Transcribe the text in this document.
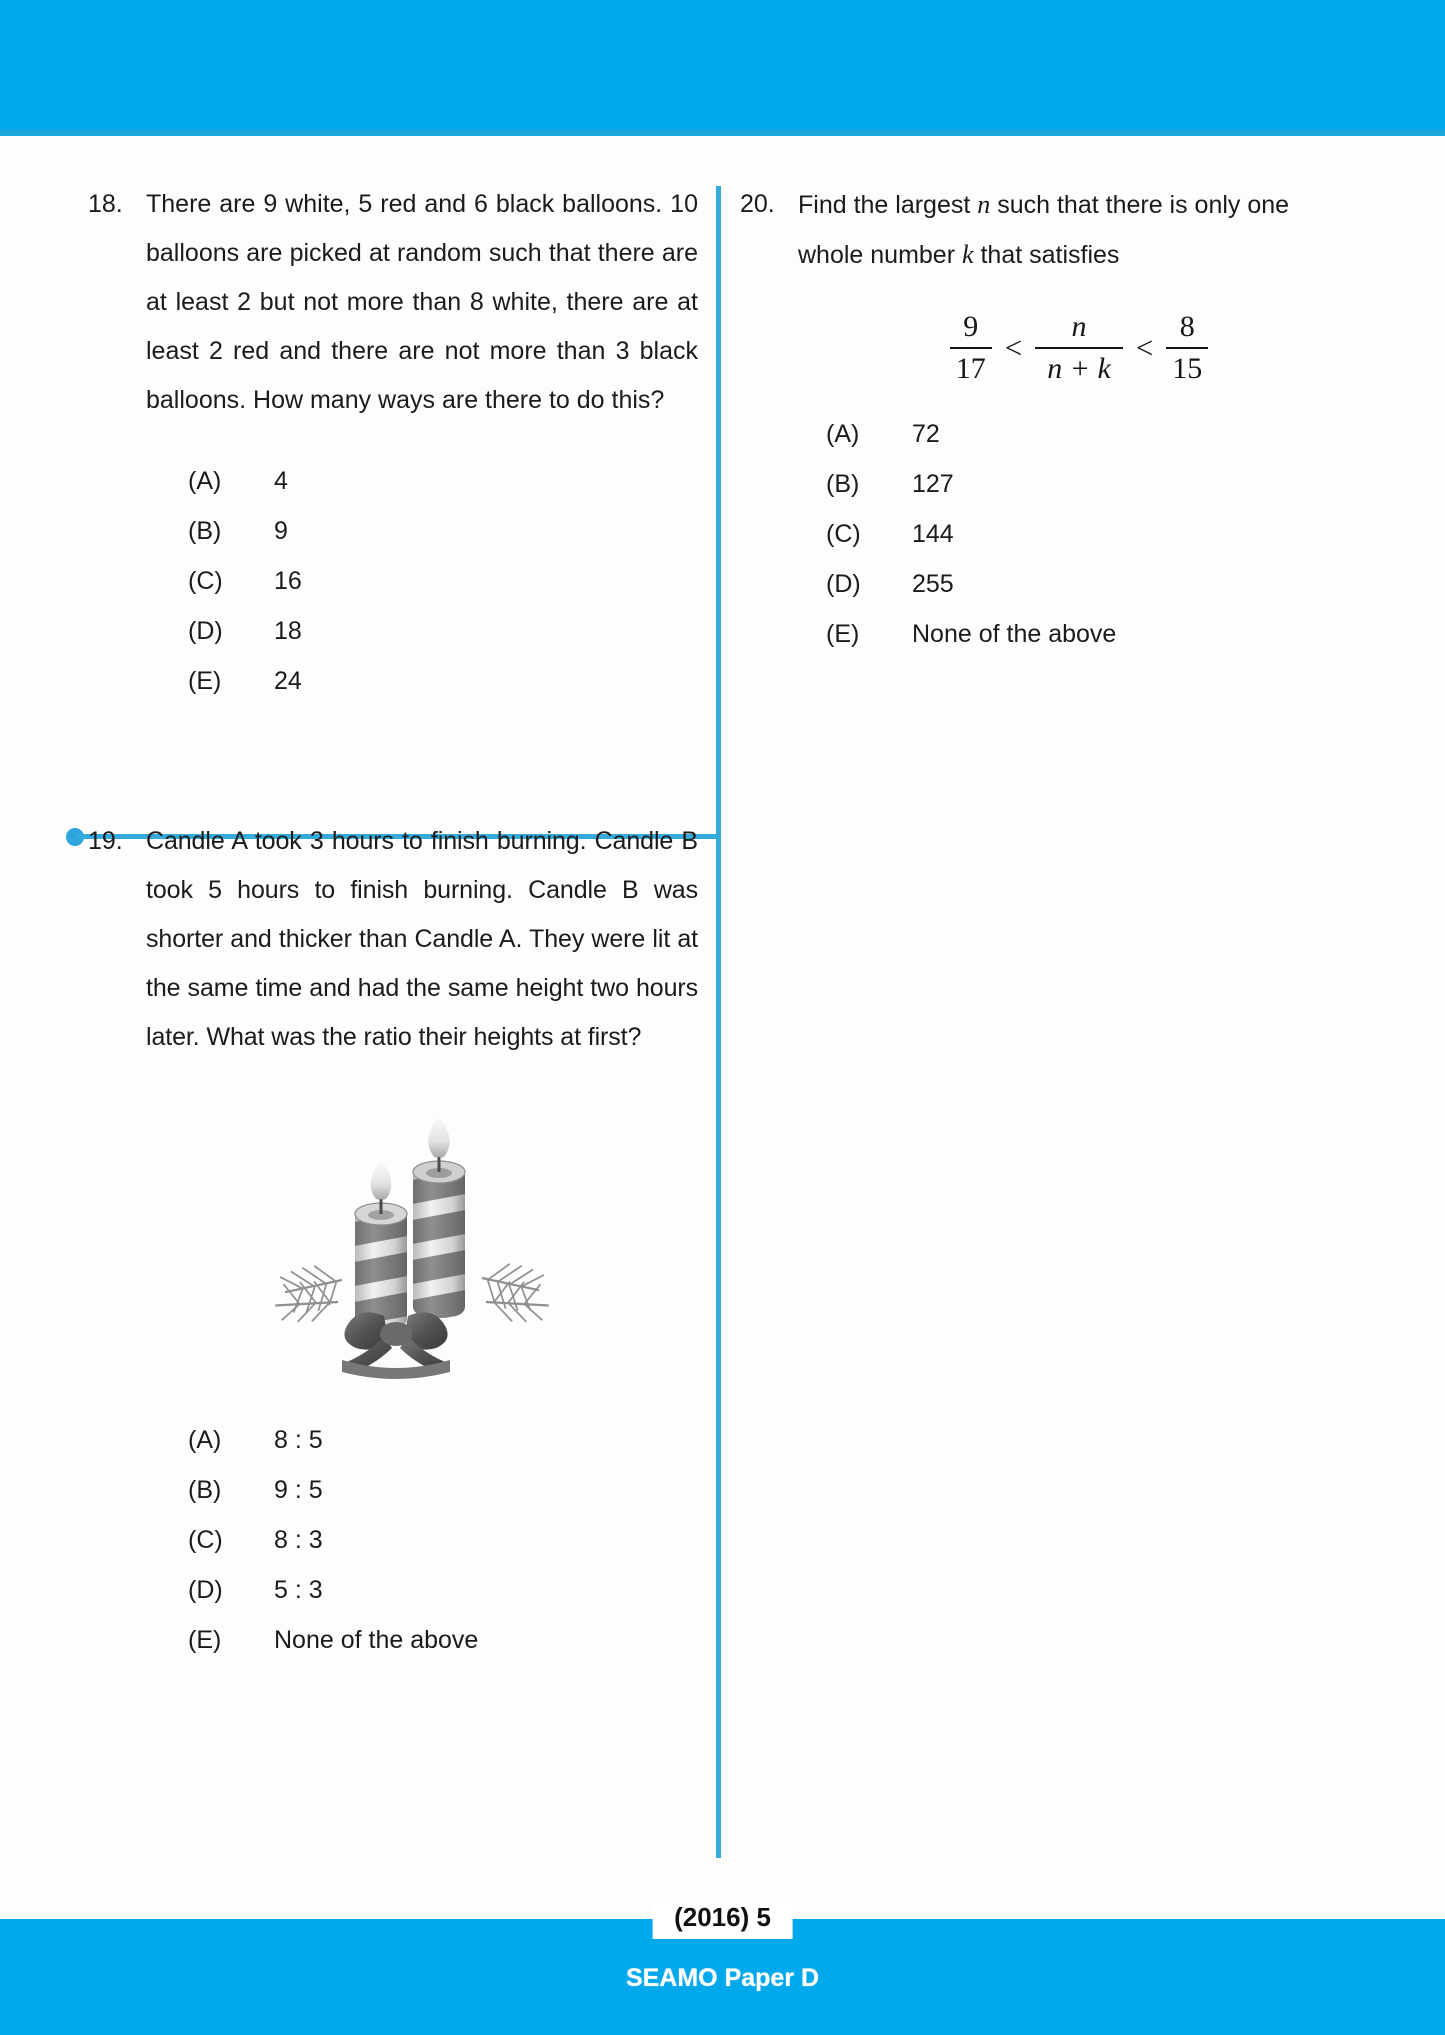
18. There are 9 white, 5 red and 6 black balloons. 10 balloons are picked at random such that there are at least 2 but not more than 8 white, there are at least 2 red and there are not more than 3 black balloons. How many ways are there to do this?

(A)	4
(B)	9
(C)	16
(D)	18
(E)	24
19. Candle A took 3 hours to finish burning. Candle B took 5 hours to finish burning. Candle B was shorter and thicker than Candle A. They were lit at the same time and had the same height two hours later. What was the ratio their heights at first?

(A)	8 : 5
(B)	9 : 5
(C)	8 : 3
(D)	5 : 3
(E)	None of the above
20. Find the largest n such that there is only one whole number k that satisfies

$\frac{9}{17} < \frac{n}{n + k} < \frac{8}{15}$
(A)	72
(B)	127
(C)	144
(D)	255
(E)	None of the above
(2016) 5
SEAMO Paper D
